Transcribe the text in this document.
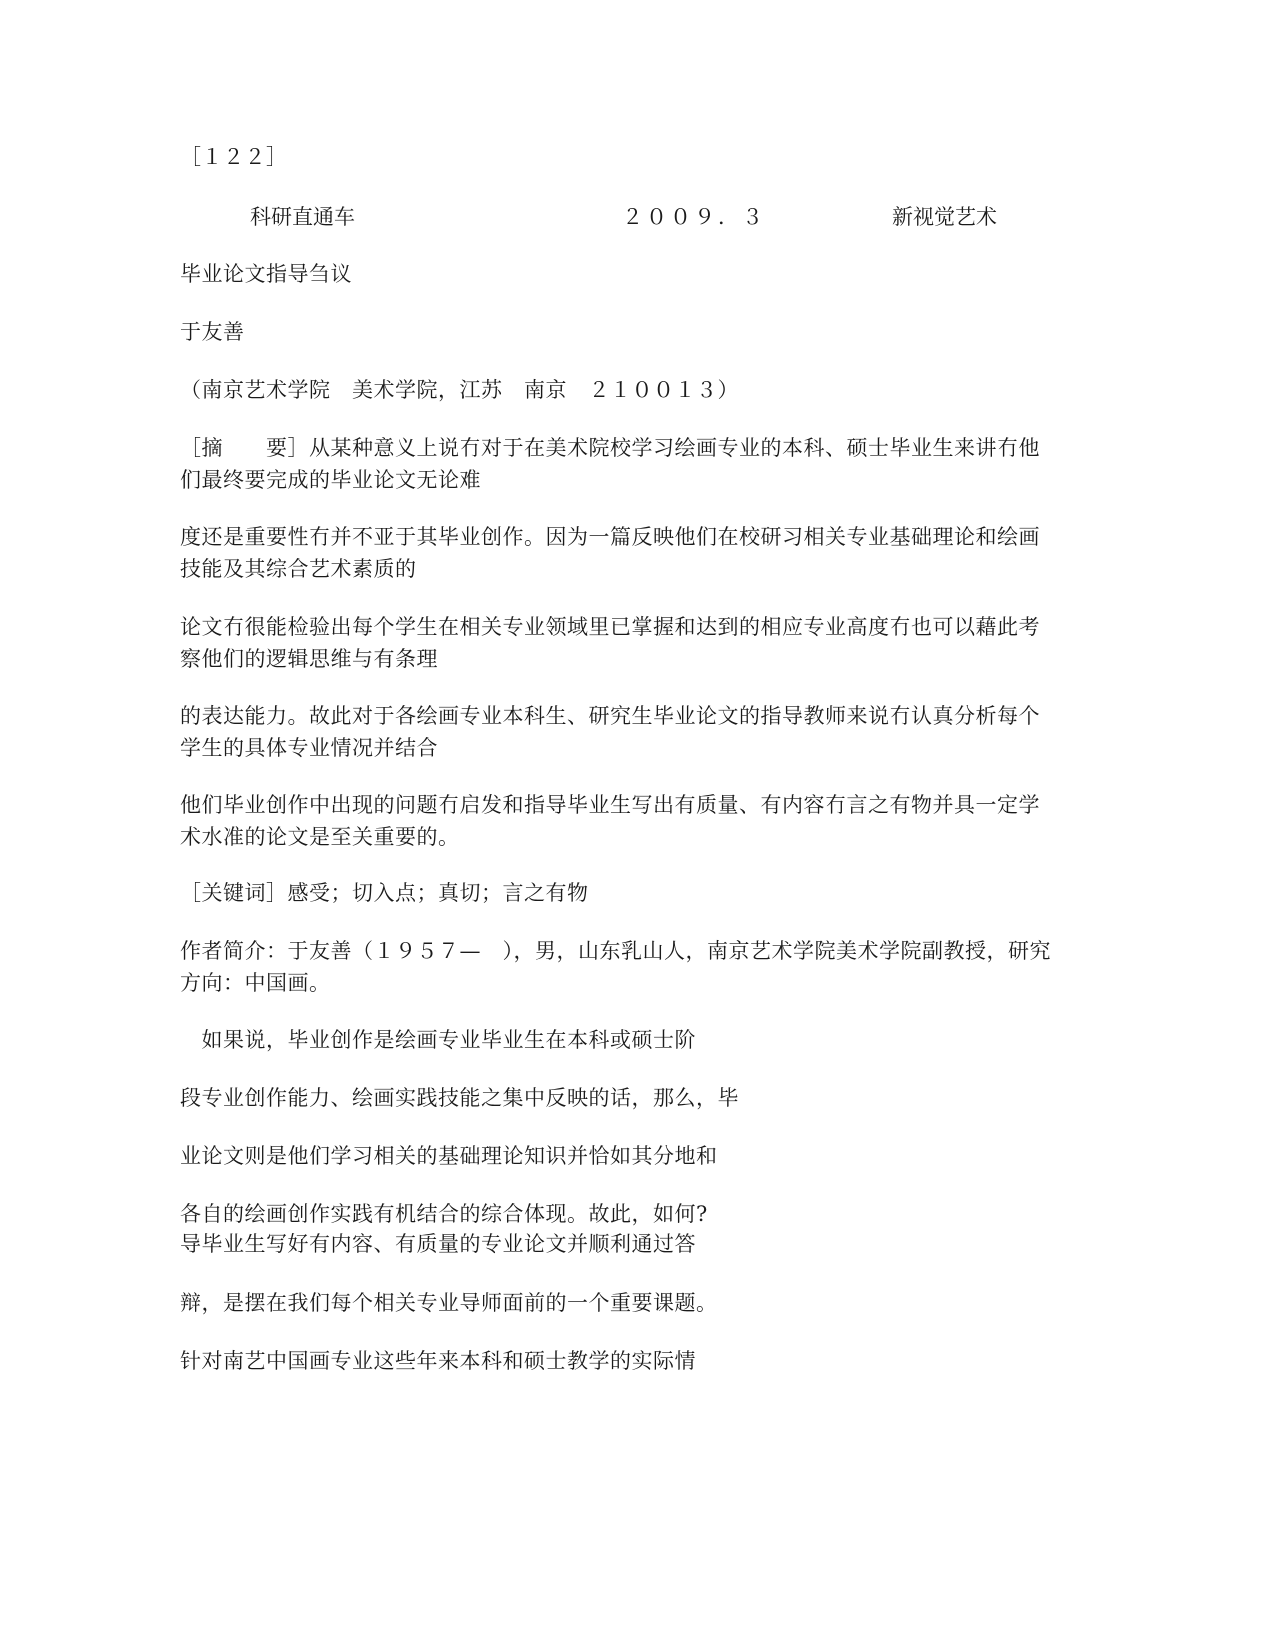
［１２２］
科研直通车	２００９．３	新视觉艺术
毕业论文指导刍议
于友善
（南京艺术学院　美术学院，江苏　南京　２１００１３）
［摘　　要］从某种意义上说冇对于在美术院校学习绘画专业的本科、硕士毕业生来讲冇他们最终要完成的毕业论文无论难
度还是重要性冇并不亚于其毕业创作。因为一篇反映他们在校研习相关专业基础理论和绘画技能及其综合艺术素质的
论文冇很能检验出每个学生在相关专业领域里已掌握和达到的相应专业高度冇也可以藉此考察他们的逻辑思维与有条理
的表达能力。故此对于各绘画专业本科生、研究生毕业论文的指导教师来说冇认真分析每个学生的具体专业情况并结合
他们毕业创作中出现的问题冇启发和指导毕业生写出有质量、有内容冇言之有物并具一定学术水准的论文是至关重要的。
［关键词］感受；切入点；真切；言之有物
作者简介：于友善（１９５７—　），男，山东乳山人，南京艺术学院美术学院副教授，研究方向：中国画。
　如果说，毕业创作是绘画专业毕业生在本科或硕士阶
段专业创作能力、绘画实践技能之集中反映的话，那么，毕
业论文则是他们学习相关的基础理论知识并恰如其分地和
各自的绘画创作实践有机结合的综合体现。故此，如何?
导毕业生写好有内容、有质量的专业论文并顺利通过答
辩，是摆在我们每个相关专业导师面前的一个重要课题。
针对南艺中国画专业这些年来本科和硕士教学的实际情
